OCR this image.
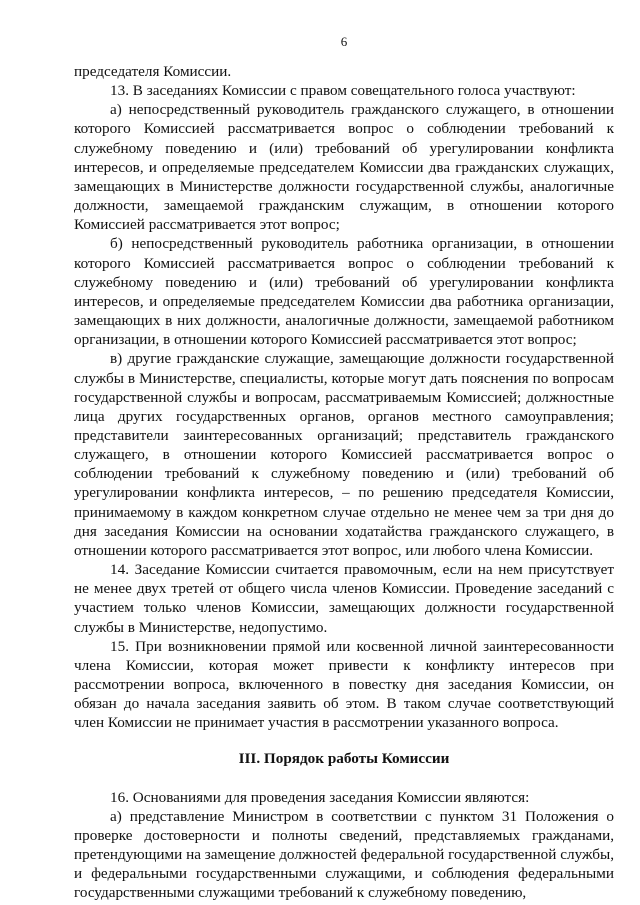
6

председателя Комиссии.

13. В заседаниях Комиссии с правом совещательного голоса участвуют:

а) непосредственный руководитель гражданского служащего, в отношении которого Комиссией рассматривается вопрос о соблюдении требований к служебному поведению и (или) требований об урегулировании конфликта интересов, и определяемые председателем Комиссии два гражданских служащих, замещающих в Министерстве должности государственной службы, аналогичные должности, замещаемой гражданским служащим, в отношении которого Комиссией рассматривается этот вопрос;

б) непосредственный руководитель работника организации, в отношении которого Комиссией рассматривается вопрос о соблюдении требований к служебному поведению и (или) требований об урегулировании конфликта интересов, и определяемые председателем Комиссии два работника организации, замещающих в них должности, аналогичные должности, замещаемой работником организации, в отношении которого Комиссией рассматривается этот вопрос;

в) другие гражданские служащие, замещающие должности государственной службы в Министерстве, специалисты, которые могут дать пояснения по вопросам государственной службы и вопросам, рассматриваемым Комиссией; должностные лица других государственных органов, органов местного самоуправления; представители заинтересованных организаций; представитель гражданского служащего, в отношении которого Комиссией рассматривается вопрос о соблюдении требований к служебному поведению и (или) требований об урегулировании конфликта интересов, – по решению председателя Комиссии, принимаемому в каждом конкретном случае отдельно не менее чем за три дня до дня заседания Комиссии на основании ходатайства гражданского служащего, в отношении которого рассматривается этот вопрос, или любого члена Комиссии.

14. Заседание Комиссии считается правомочным, если на нем присутствует не менее двух третей от общего числа членов Комиссии. Проведение заседаний с участием только членов Комиссии, замещающих должности государственной службы в Министерстве, недопустимо.

15. При возникновении прямой или косвенной личной заинтересованности члена Комиссии, которая может привести к конфликту интересов при рассмотрении вопроса, включенного в повестку дня заседания Комиссии, он обязан до начала заседания заявить об этом. В таком случае соответствующий член Комиссии не принимает участия в рассмотрении указанного вопроса.

III. Порядок работы Комиссии

16. Основаниями для проведения заседания Комиссии являются:

а) представление Министром в соответствии с пунктом 31 Положения о проверке достоверности и полноты сведений, представляемых гражданами, претендующими на замещение должностей федеральной государственной службы, и федеральными государственными служащими, и соблюдения федеральными государственными служащими требований к служебному поведению,
